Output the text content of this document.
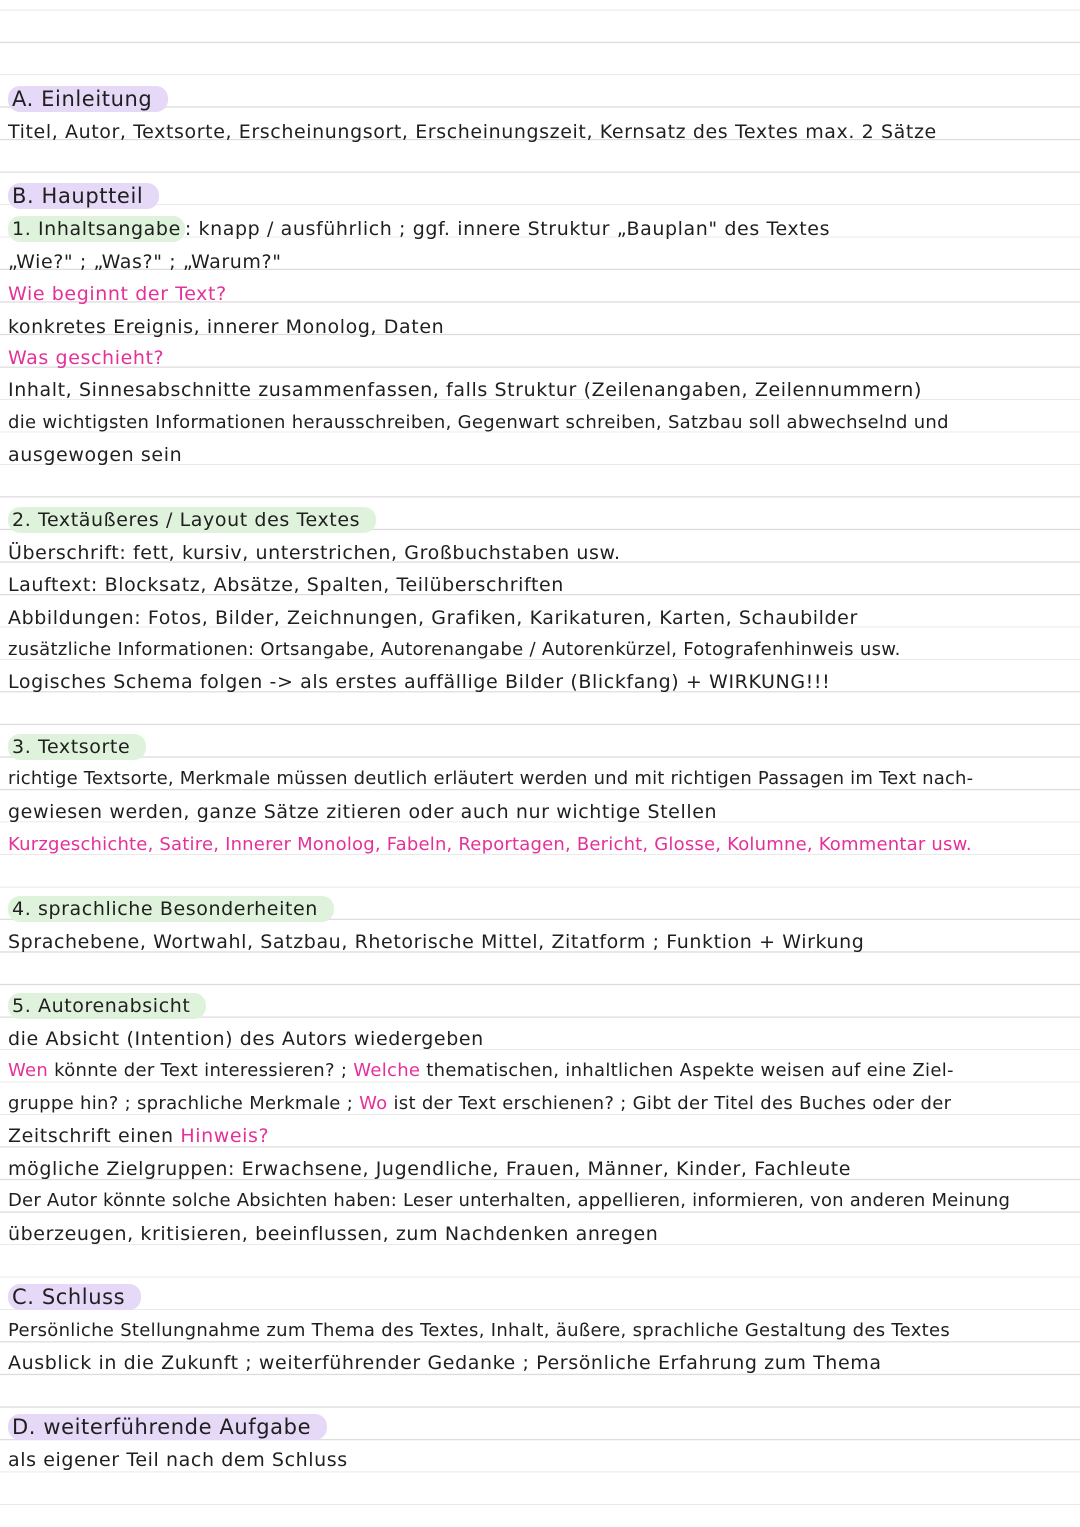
A. Einleitung
Titel, Autor, Textsorte, Erscheinungsort, Erscheinungszeit, Kernsatz des Textes max. 2 Sätze
B. Hauptteil
1. Inhaltsangabe : knapp / ausführlich ; ggf. innere Struktur „Bauplan" des Textes
„Wie?" ; „Was?" ; „Warum?"
Wie beginnt der Text?
konkretes Ereignis, innerer Monolog, Daten
Was geschieht?
Inhalt, Sinnesabschnitte zusammenfassen, falls Struktur (Zeilenangaben, Zeilennummern)
die wichtigsten Informationen herausschreiben, Gegenwart schreiben, Satzbau soll abwechselnd und
ausgewogen sein
2. Textäußeres / Layout des Textes
Überschrift: fett, kursiv, unterstrichen, Großbuchstaben usw.
Lauftext: Blocksatz, Absätze, Spalten, Teilüberschriften
Abbildungen: Fotos, Bilder, Zeichnungen, Grafiken, Karikaturen, Karten, Schaubilder
zusätzliche Informationen: Ortsangabe, Autorenangabe / Autorenkürzel, Fotografenhinweis usw.
Logisches Schema folgen -> als erstes auffällige Bilder (Blickfang) + WIRKUNG!!!
3. Textsorte
richtige Textsorte, Merkmale müssen deutlich erläutert werden und mit richtigen Passagen im Text nach-
gewiesen werden, ganze Sätze zitieren oder auch nur wichtige Stellen
Kurzgeschichte, Satire, Innerer Monolog, Fabeln, Reportagen, Bericht, Glosse, Kolumne, Kommentar usw.
4. sprachliche Besonderheiten
Sprachebene, Wortwahl, Satzbau, Rhetorische Mittel, Zitatform ; Funktion + Wirkung
5. Autorenabsicht
die Absicht (Intention) des Autors wiedergeben
Wen könnte der Text interessieren? ; Welche thematischen, inhaltlichen Aspekte weisen auf eine Ziel-
gruppe hin? ; sprachliche Merkmale ; Wo ist der Text erschienen? ; Gibt der Titel des Buches oder der
Zeitschrift einen Hinweis?
mögliche Zielgruppen: Erwachsene, Jugendliche, Frauen, Männer, Kinder, Fachleute
Der Autor könnte solche Absichten haben: Leser unterhalten, appellieren, informieren, von anderen Meinung
überzeugen, kritisieren, beeinflussen, zum Nachdenken anregen
C. Schluss
Persönliche Stellungnahme zum Thema des Textes, Inhalt, äußere, sprachliche Gestaltung des Textes
Ausblick in die Zukunft ; weiterführender Gedanke ; Persönliche Erfahrung zum Thema
D. weiterführende Aufgabe
als eigener Teil nach dem Schluss
